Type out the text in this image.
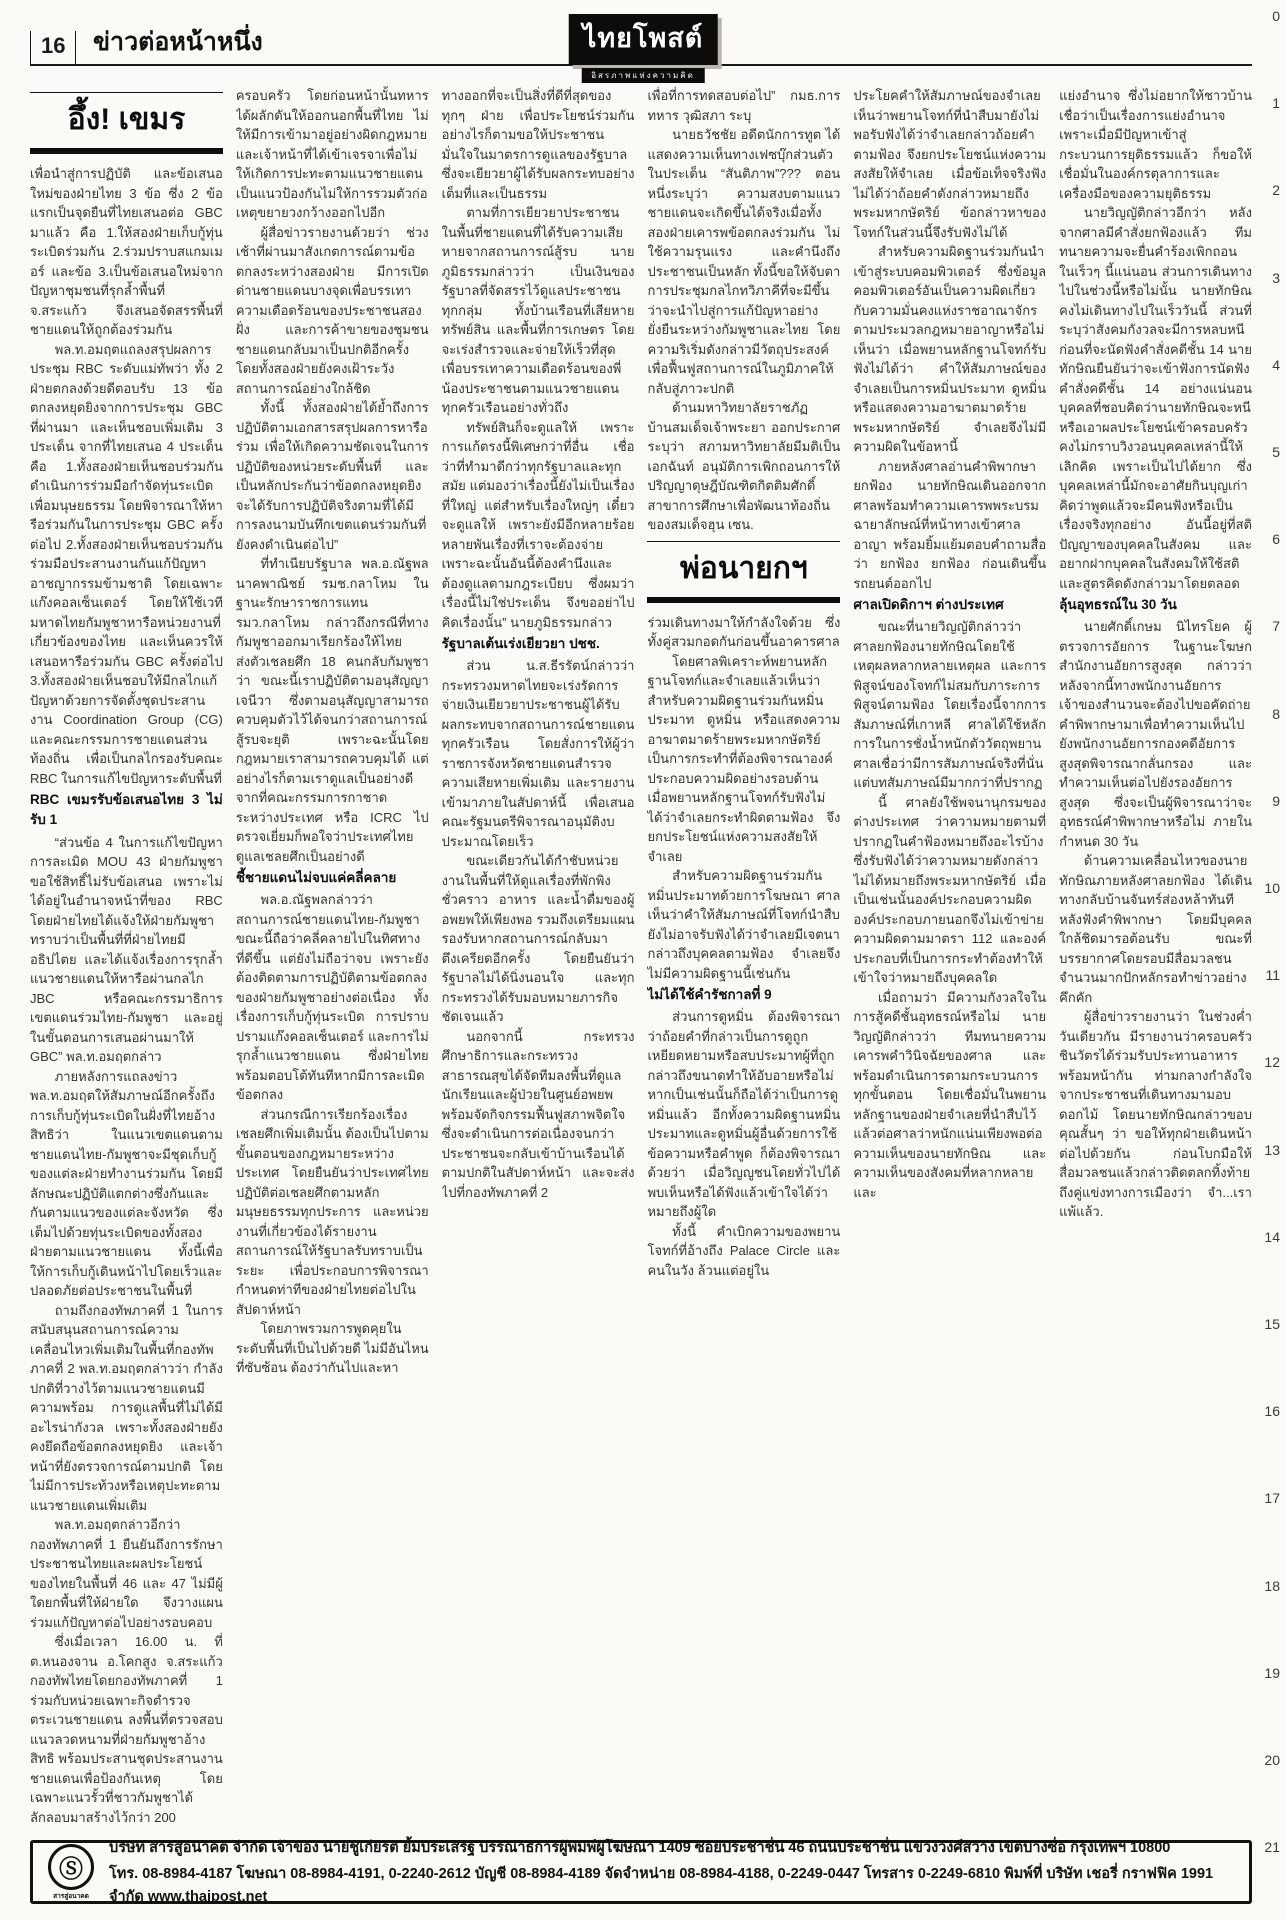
16 ข่าวต่อหน้าหนึ่ง	ไทยโพสต์
อิสรภาพแห่งความคิด
อึ้ง! เขมร

เพื่อนำสู่การปฏิบัติ และข้อเสนอใหม่ของฝ่ายไทย 3 ข้อ ซึ่ง 2 ข้อแรกเป็นจุดยืนที่ไทยเสนอต่อ GBC มาแล้ว คือ 1.ให้สองฝ่ายเก็บกู้ทุ่นระเบิดร่วมกัน 2.ร่วมปราบสแกมเมอร์ และข้อ 3.เป็นข้อเสนอใหม่จากปัญหาชุมชนที่รุกล้ำพื้นที่ จ.สระแก้ว จึงเสนอจัดสรรพื้นที่ชายแดนให้ถูกต้องร่วมกัน

พล.ท.อมฤตแถลงสรุปผลการประชุม RBC ระดับแม่ทัพว่า ทั้ง 2 ฝ่ายตกลงด้วยดีตอบรับ 13 ข้อตกลงหยุดยิงจากการประชุม GBC ที่ผ่านมา และเห็นชอบเพิ่มเติม 3 ประเด็น จากที่ไทยเสนอ 4 ประเด็น คือ 1.ทั้งสองฝ่ายเห็นชอบร่วมกันดำเนินการร่วมมือกำจัดทุ่นระเบิดเพื่อมนุษยธรรม โดยพิจารณาให้หารือร่วมกันในการประชุม GBC ครั้งต่อไป 2.ทั้งสองฝ่ายเห็นชอบร่วมกันร่วมมือประสานงานกันแก้ปัญหาอาชญากรรมข้ามชาติ โดยเฉพาะแก๊งคอลเซ็นเตอร์ โดยให้ใช้เวทีมหาดไทยกัมพูชาหารือหน่วยงานที่เกี่ยวข้องของไทย และเห็นควรให้เสนอหารือร่วมกัน GBC ครั้งต่อไป 3.ทั้งสองฝ่ายเห็นชอบให้มีกลไกแก้ปัญหาด้วยการจัดตั้งชุดประสานงาน Coordination Group (CG) และคณะกรรมการชายแดนส่วนท้องถิ่น เพื่อเป็นกลไกรองรับคณะ RBC ในการแก้ไขปัญหาระดับพื้นที่

RBC เขมรรับข้อเสนอไทย 3 ไม่รับ 1

“ส่วนข้อ 4 ในการแก้ไขปัญหาการละเมิด MOU 43 ฝ่ายกัมพูชาขอใช้สิทธิ์ไม่รับข้อเสนอ เพราะไม่ได้อยู่ในอำนาจหน้าที่ของ RBC โดยฝ่ายไทยได้แจ้งให้ฝ่ายกัมพูชาทราบว่าเป็นพื้นที่ที่ฝ่ายไทยมีอธิปไตย และได้แจ้งเรื่องการรุกล้ำแนวชายแดนให้หารือผ่านกลไก JBC หรือคณะกรรมาธิการเขตแดนร่วมไทย-กัมพูชา และอยู่ในขั้นตอนการเสนอผ่านมาให้ GBC” พล.ท.อมฤตกล่าว

ภายหลังการแถลงข่าว พล.ท.อมฤตให้สัมภาษณ์อีกครั้งถึงการเก็บกู้ทุ่นระเบิดในฝั่งที่ไทยอ้างสิทธิว่า ในแนวเขตแดนตามชายแดนไทย-กัมพูชาจะมีชุดเก็บกู้ของแต่ละฝ่ายทำงานร่วมกัน โดยมีลักษณะปฏิบัติแตกต่างซึ่งกันและกันตามแนวของแต่ละจังหวัด ซึ่งเต็มไปด้วยทุ่นระเบิดของทั้งสองฝ่ายตามแนวชายแดน ทั้งนี้เพื่อให้การเก็บกู้เดินหน้าไปโดยเร็วและปลอดภัยต่อประชาชนในพื้นที่

ถามถึงกองทัพภาคที่ 1 ในการสนับสนุนสถานการณ์ความเคลื่อนไหวเพิ่มเติมในพื้นที่กองทัพภาคที่ 2 พล.ท.อมฤตกล่าวว่า กำลังปกติที่วางไว้ตามแนวชายแดนมีความพร้อม การดูแลพื้นที่ไม่ได้มีอะไรน่ากังวล เพราะทั้งสองฝ่ายยังคงยึดถือข้อตกลงหยุดยิง และเจ้าหน้าที่ยังตรวจการณ์ตามปกติ โดยไม่มีการประท้วงหรือเหตุปะทะตามแนวชายแดนเพิ่มเติม

พล.ท.อมฤตกล่าวอีกว่า กองทัพภาคที่ 1 ยืนยันถึงการรักษาประชาชนไทยและผลประโยชน์ของไทยในพื้นที่ 46 และ 47 ไม่มีผู้ใดยกพื้นที่ให้ฝ่ายใด จึงวางแผนร่วมแก้ปัญหาต่อไปอย่างรอบคอบ

ซึ่งเมื่อเวลา 16.00 น. ที่ ต.หนองจาน อ.โคกสูง จ.สระแก้ว กองทัพไทยโดยกองทัพภาคที่ 1 ร่วมกับหน่วยเฉพาะกิจตำรวจตระเวนชายแดน ลงพื้นที่ตรวจสอบแนวลวดหนามที่ฝ่ายกัมพูชาอ้างสิทธิ พร้อมประสานชุดประสานงานชายแดนเพื่อป้องกันเหตุ โดยเฉพาะแนวรั้วที่ชาวกัมพูชาได้ลักลอบมาสร้างไว้กว่า 200

ครอบครัว โดยก่อนหน้านั้นทหารได้ผลักดันให้ออกนอกพื้นที่ไทย ไม่ให้มีการเข้ามาอยู่อย่างผิดกฎหมาย และเจ้าหน้าที่ได้เข้าเจรจาเพื่อไม่ให้เกิดการปะทะตามแนวชายแดน เป็นแนวป้องกันไม่ให้การรวมตัวก่อเหตุขยายวงกว้างออกไปอีก

ผู้สื่อข่าวรายงานด้วยว่า ช่วงเช้าที่ผ่านมาสังเกตการณ์ตามข้อตกลงระหว่างสองฝ่าย มีการเปิดด่านชายแดนบางจุดเพื่อบรรเทาความเดือดร้อนของประชาชนสองฝั่ง และการค้าขายของชุมชนชายแดนกลับมาเป็นปกติอีกครั้ง โดยทั้งสองฝ่ายยังคงเฝ้าระวังสถานการณ์อย่างใกล้ชิด

ทั้งนี้ ทั้งสองฝ่ายได้ย้ำถึงการปฏิบัติตามเอกสารสรุปผลการหารือร่วม เพื่อให้เกิดความชัดเจนในการปฏิบัติของหน่วยระดับพื้นที่ และเป็นหลักประกันว่าข้อตกลงหยุดยิงจะได้รับการปฏิบัติจริงตามที่ได้มีการลงนามบันทึกเขตแดนร่วมกันที่ยังคงดำเนินต่อไป”

ที่ทำเนียบรัฐบาล พล.อ.ณัฐพล นาคพาณิชย์ รมช.กลาโหม ในฐานะรักษาราชการแทน รมว.กลาโหม กล่าวถึงกรณีที่ทางกัมพูชาออกมาเรียกร้องให้ไทยส่งตัวเชลยศึก 18 คนกลับกัมพูชาว่า ขณะนี้เราปฏิบัติตามอนุสัญญาเจนีวา ซึ่งตามอนุสัญญาสามารถควบคุมตัวไว้ได้จนกว่าสถานการณ์สู้รบจะยุติ เพราะฉะนั้นโดยกฎหมายเราสามารถควบคุมได้ แต่อย่างไรก็ตามเราดูแลเป็นอย่างดี จากที่คณะกรรมการกาชาดระหว่างประเทศ หรือ ICRC ไปตรวจเยี่ยมก็พอใจว่าประเทศไทยดูแลเชลยศึกเป็นอย่างดี

ชี้ชายแดนไม่จบแค่คลี่คลาย

พล.อ.ณัฐพลกล่าวว่า สถานการณ์ชายแดนไทย-กัมพูชาขณะนี้ถือว่าคลี่คลายไปในทิศทางที่ดีขึ้น แต่ยังไม่ถือว่าจบ เพราะยังต้องติดตามการปฏิบัติตามข้อตกลงของฝ่ายกัมพูชาอย่างต่อเนื่อง ทั้งเรื่องการเก็บกู้ทุ่นระเบิด การปราบปรามแก๊งคอลเซ็นเตอร์ และการไม่รุกล้ำแนวชายแดน ซึ่งฝ่ายไทยพร้อมตอบโต้ทันทีหากมีการละเมิดข้อตกลง

ส่วนกรณีการเรียกร้องเรื่องเชลยศึกเพิ่มเติมนั้น ต้องเป็นไปตามขั้นตอนของกฎหมายระหว่างประเทศ โดยยืนยันว่าประเทศไทยปฏิบัติต่อเชลยศึกตามหลักมนุษยธรรมทุกประการ และหน่วยงานที่เกี่ยวข้องได้รายงานสถานการณ์ให้รัฐบาลรับทราบเป็นระยะ เพื่อประกอบการพิจารณากำหนดท่าทีของฝ่ายไทยต่อไปในสัปดาห์หน้า

โดยภาพรวมการพูดคุยในระดับพื้นที่เป็นไปด้วยดี ไม่มีอันไหนที่ซับซ้อน ต้องว่ากันไปและหา

ทางออกที่จะเป็นสิ่งที่ดีที่สุดของทุกๆ ฝ่าย เพื่อประโยชน์ร่วมกัน อย่างไรก็ตามขอให้ประชาชนมั่นใจในมาตรการดูแลของรัฐบาล ซึ่งจะเยียวยาผู้ได้รับผลกระทบอย่างเต็มที่และเป็นธรรม

ตามที่การเยียวยาประชาชนในพื้นที่ชายแดนที่ได้รับความเสียหายจากสถานการณ์สู้รบ นายภูมิธรรมกล่าวว่า เป็นเงินของรัฐบาลที่จัดสรรไว้ดูแลประชาชนทุกกลุ่ม ทั้งบ้านเรือนที่เสียหาย ทรัพย์สิน และพื้นที่การเกษตร โดยจะเร่งสำรวจและจ่ายให้เร็วที่สุด เพื่อบรรเทาความเดือดร้อนของพี่น้องประชาชนตามแนวชายแดนทุกครัวเรือนอย่างทั่วถึง

ทรัพย์สินก็จะดูแลให้ เพราะการแก้ตรงนี้พิเศษกว่าที่อื่น เชื่อว่าที่ทำมาดีกว่าทุกรัฐบาลและทุกสมัย แต่มองว่าเรื่องนี้ยังไม่เป็นเรื่องที่ใหญ่ แต่สำหรับเรื่องใหญ่ๆ เดี๋ยวจะดูแลให้ เพราะยังมีอีกหลายร้อยหลายพันเรื่องที่เราจะต้องจ่าย เพราะฉะนั้นอันนี้ต้องคำนึงและต้องดูแลตามกฎระเบียบ ซึ่งผมว่าเรื่องนี้ไม่ใช่ประเด็น จึงขออย่าไปคิดเรื่องนั้น” นายภูมิธรรมกล่าว

รัฐบาลเต้นเร่งเยียวยา ปชช.

ส่วน น.ส.ธีรรัตน์กล่าวว่า กระทรวงมหาดไทยจะเร่งรัดการจ่ายเงินเยียวยาประชาชนผู้ได้รับผลกระทบจากสถานการณ์ชายแดนทุกครัวเรือน โดยสั่งการให้ผู้ว่าราชการจังหวัดชายแดนสำรวจความเสียหายเพิ่มเติม และรายงานเข้ามาภายในสัปดาห์นี้ เพื่อเสนอคณะรัฐมนตรีพิจารณาอนุมัติงบประมาณโดยเร็ว

ขณะเดียวกันได้กำชับหน่วยงานในพื้นที่ให้ดูแลเรื่องที่พักพิงชั่วคราว อาหาร และน้ำดื่มของผู้อพยพให้เพียงพอ รวมถึงเตรียมแผนรองรับหากสถานการณ์กลับมาตึงเครียดอีกครั้ง โดยยืนยันว่ารัฐบาลไม่ได้นิ่งนอนใจ และทุกกระทรวงได้รับมอบหมายภารกิจชัดเจนแล้ว

นอกจากนี้ กระทรวงศึกษาธิการและกระทรวงสาธารณสุขได้จัดทีมลงพื้นที่ดูแลนักเรียนและผู้ป่วยในศูนย์อพยพ พร้อมจัดกิจกรรมฟื้นฟูสภาพจิตใจ ซึ่งจะดำเนินการต่อเนื่องจนกว่าประชาชนจะกลับเข้าบ้านเรือนได้ตามปกติในสัปดาห์หน้า และจะส่งไปที่กองทัพภาคที่ 2

เพื่อที่การทดสอบต่อไป” กมธ.การทหาร วุฒิสภา ระบุ

นายธวัชชัย อดีตนักการทูต ได้แสดงความเห็นทางเฟซบุ๊กส่วนตัวในประเด็น “สันติภาพ”??? ตอนหนึ่งระบุว่า ความสงบตามแนวชายแดนจะเกิดขึ้นได้จริงเมื่อทั้งสองฝ่ายเคารพข้อตกลงร่วมกัน ไม่ใช้ความรุนแรง และคำนึงถึงประชาชนเป็นหลัก ทั้งนี้ขอให้จับตาการประชุมกลไกทวิภาคีที่จะมีขึ้นว่าจะนำไปสู่การแก้ปัญหาอย่างยั่งยืนระหว่างกัมพูชาและไทย โดยความริเริ่มดังกล่าวมีวัตถุประสงค์เพื่อฟื้นฟูสถานการณ์ในภูมิภาคให้กลับสู่ภาวะปกติ

ด้านมหาวิทยาลัยราชภัฏบ้านสมเด็จเจ้าพระยา ออกประกาศระบุว่า สภามหาวิทยาลัยมีมติเป็นเอกฉันท์ อนุมัติการเพิกถอนการให้ปริญญาดุษฎีบัณฑิตกิตติมศักดิ์ สาขาการศึกษาเพื่อพัฒนาท้องถิ่น ของสมเด็จฮุน เซน.

พ่อนายกฯ

ร่วมเดินทางมาให้กำลังใจด้วย ซึ่งทั้งคู่สวมกอดกันก่อนขึ้นอาคารศาล

โดยศาลพิเคราะห์พยานหลักฐานโจทก์และจำเลยแล้วเห็นว่า สำหรับความผิดฐานร่วมกันหมิ่นประมาท ดูหมิ่น หรือแสดงความอาฆาตมาดร้ายพระมหากษัตริย์ เป็นการกระทำที่ต้องพิจารณาองค์ประกอบความผิดอย่างรอบด้าน เมื่อพยานหลักฐานโจทก์รับฟังไม่ได้ว่าจำเลยกระทำผิดตามฟ้อง จึงยกประโยชน์แห่งความสงสัยให้จำเลย

สำหรับความผิดฐานร่วมกันหมิ่นประมาทด้วยการโฆษณา ศาลเห็นว่าคำให้สัมภาษณ์ที่โจทก์นำสืบยังไม่อาจรับฟังได้ว่าจำเลยมีเจตนากล่าวถึงบุคคลตามฟ้อง จำเลยจึงไม่มีความผิดฐานนี้เช่นกัน

ไม่ได้ใช้คำรัชกาลที่ 9

ส่วนการดูหมิ่น ต้องพิจารณาว่าถ้อยคำที่กล่าวเป็นการดูถูกเหยียดหยามหรือสบประมาทผู้ที่ถูกกล่าวถึงขนาดทำให้อับอายหรือไม่ หากเป็นเช่นนั้นก็ถือได้ว่าเป็นการดูหมิ่นแล้ว อีกทั้งความผิดฐานหมิ่นประมาทและดูหมิ่นผู้อื่นด้วยการใช้ข้อความหรือคำพูด ก็ต้องพิจารณาด้วยว่า เมื่อวิญญูชนโดยทั่วไปได้พบเห็นหรือได้ฟังแล้วเข้าใจได้ว่าหมายถึงผู้ใด

ทั้งนี้ คำเบิกความของพยานโจทก์ที่อ้างถึง Palace Circle และคนในวัง ล้วนแต่อยู่ใน

ประโยคคำให้สัมภาษณ์ของจำเลย เห็นว่าพยานโจทก์ที่นำสืบมายังไม่พอรับฟังได้ว่าจำเลยกล่าวถ้อยคำตามฟ้อง จึงยกประโยชน์แห่งความสงสัยให้จำเลย เมื่อข้อเท็จจริงฟังไม่ได้ว่าถ้อยคำดังกล่าวหมายถึงพระมหากษัตริย์ ข้อกล่าวหาของโจทก์ในส่วนนี้จึงรับฟังไม่ได้

สำหรับความผิดฐานร่วมกันนำเข้าสู่ระบบคอมพิวเตอร์ ซึ่งข้อมูลคอมพิวเตอร์อันเป็นความผิดเกี่ยวกับความมั่นคงแห่งราชอาณาจักรตามประมวลกฎหมายอาญาหรือไม่ เห็นว่า เมื่อพยานหลักฐานโจทก์รับฟังไม่ได้ว่า คำให้สัมภาษณ์ของจำเลยเป็นการหมิ่นประมาท ดูหมิ่น หรือแสดงความอาฆาตมาดร้ายพระมหากษัตริย์ จำเลยจึงไม่มีความผิดในข้อหานี้

ภายหลังศาลอ่านคำพิพากษายกฟ้อง นายทักษิณเดินออกจากศาลพร้อมทำความเคารพพระบรมฉายาลักษณ์ที่หน้าทางเข้าศาลอาญา พร้อมยิ้มแย้มตอบคำถามสื่อว่า ยกฟ้อง ยกฟ้อง ก่อนเดินขึ้นรถยนต์ออกไป

ศาลเปิดดิกาฯ ต่างประเทศ

ขณะที่นายวิญญัติกล่าวว่า ศาลยกฟ้องนายทักษิณโดยใช้เหตุผลหลากหลายเหตุผล และการพิสูจน์ของโจทก์ไม่สมกับภาระการพิสูจน์ตามฟ้อง โดยเรื่องนี้จากการสัมภาษณ์ที่เกาหลี ศาลได้ใช้หลักการในการชั่งน้ำหนักตัววัตถุพยาน ศาลเชื่อว่ามีการสัมภาษณ์จริงที่นั่น แต่บทสัมภาษณ์มีมากกว่าที่ปรากฏ

นี้ ศาลยังใช้พจนานุกรมของต่างประเทศ ว่าความหมายตามที่ปรากฏในคำฟ้องหมายถึงอะไรบ้าง ซึ่งรับฟังได้ว่าความหมายดังกล่าวไม่ได้หมายถึงพระมหากษัตริย์ เมื่อเป็นเช่นนั้นองค์ประกอบความผิด องค์ประกอบภายนอกจึงไม่เข้าข่ายความผิดตามมาตรา 112 และองค์ประกอบที่เป็นการกระทำต้องทำให้เข้าใจว่าหมายถึงบุคคลใด

เมื่อถามว่า มีความกังวลใจในการสู้คดีชั้นอุทธรณ์หรือไม่ นายวิญญัติกล่าวว่า ทีมทนายความเคารพคำวินิจฉัยของศาล และพร้อมดำเนินการตามกระบวนการทุกขั้นตอน โดยเชื่อมั่นในพยานหลักฐานของฝ่ายจำเลยที่นำสืบไว้แล้วต่อศาลว่าหนักแน่นเพียงพอต่อความเห็นของนายทักษิณ และความเห็นของสังคมที่หลากหลายและ

แย่งอำนาจ ซึ่งไม่อยากให้ชาวบ้านเชื่อว่าเป็นเรื่องการแย่งอำนาจ เพราะเมื่อมีปัญหาเข้าสู่กระบวนการยุติธรรมแล้ว ก็ขอให้เชื่อมั่นในองค์กรตุลาการและเครื่องมือของความยุติธรรม

นายวิญญัติกล่าวอีกว่า หลังจากศาลมีคำสั่งยกฟ้องแล้ว ทีมทนายความจะยื่นคำร้องเพิกถอนในเร็วๆ นี้แน่นอน ส่วนการเดินทางไปในช่วงนี้หรือไม่นั้น นายทักษิณคงไม่เดินทางไปในเร็ววันนี้ ส่วนที่ระบุว่าสังคมกังวลจะมีการหลบหนีก่อนที่จะนัดฟังคำสั่งคดีชั้น 14 นายทักษิณยืนยันว่าจะเข้าฟังการนัดฟังคำสั่งคดีชั้น 14 อย่างแน่นอน บุคคลที่ชอบคิดว่านายทักษิณจะหนี หรือเอาผลประโยชน์เข้าครอบครัว คงไม่กราบวิงวอนบุคคลเหล่านี้ให้เลิกคิด เพราะเป็นไปได้ยาก ซึ่งบุคคลเหล่านี้มักจะอาศัยกินบุญเก่า คิดว่าพูดแล้วจะมีคนฟังหรือเป็นเรื่องจริงทุกอย่าง อันนี้อยู่ที่สติปัญญาของบุคคลในสังคม และอยากฝากบุคคลในสังคมให้ใช้สติและสูตรคิดดังกล่าวมาโดยตลอด

ลุ้นอุทธรณ์ใน 30 วัน

นายศักดิ์เกษม นิไทรโยค ผู้ตรวจการอัยการ ในฐานะโฆษกสำนักงานอัยการสูงสุด กล่าวว่า หลังจากนี้ทางพนักงานอัยการเจ้าของสำนวนจะต้องไปขอคัดถ่ายคำพิพากษามาเพื่อทำความเห็นไปยังพนักงานอัยการกองคดีอัยการสูงสุดพิจารณากลั่นกรอง และทำความเห็นต่อไปยังรองอัยการสูงสุด ซึ่งจะเป็นผู้พิจารณาว่าจะอุทธรณ์คำพิพากษาหรือไม่ ภายในกำหนด 30 วัน

ด้านความเคลื่อนไหวของนายทักษิณภายหลังศาลยกฟ้อง ได้เดินทางกลับบ้านจันทร์ส่องหล้าทันทีหลังฟังคำพิพากษา โดยมีบุคคลใกล้ชิดมารอต้อนรับ ขณะที่บรรยากาศโดยรอบมีสื่อมวลชนจำนวนมากปักหลักรอทำข่าวอย่างคึกคัก

ผู้สื่อข่าวรายงานว่า ในช่วงค่ำวันเดียวกัน มีรายงานว่าครอบครัวชินวัตรได้ร่วมรับประทานอาหารพร้อมหน้ากัน ท่ามกลางกำลังใจจากประชาชนที่เดินทางมามอบดอกไม้ โดยนายทักษิณกล่าวขอบคุณสั้นๆ ว่า ขอให้ทุกฝ่ายเดินหน้าต่อไปด้วยกัน ก่อนโบกมือให้สื่อมวลชนแล้วกล่าวติดตลกทิ้งท้ายถึงคู่แข่งทางการเมืองว่า จำ...เราแพ้แล้ว.

0
1
2
3
4
5
6
7
8
9
10
11
12
13
14
15
16
17
18
19
20
21
Ⓢ
สารสู่อนาคต
บริษัท สารสู่อนาคต จำกัด เจ้าของ นายชูเกียรติ ยิ้มประเสริฐ บรรณาธิการผู้พิมพ์ผู้โฆษณา 1409 ซอยประชาชื่น 46 ถนนประชาชื่น แขวงวงศ์สว่าง เขตบางซื่อ กรุงเทพฯ 10800
โทร. 08-8984-4187 โฆษณา 08-8984-4191, 0-2240-2612 บัญชี 08-8984-4189 จัดจำหน่าย 08-8984-4188, 0-2249-0447 โทรสาร 0-2249-6810 พิมพ์ที่ บริษัท เชอรี่ กราฟฟิค 1991 จำกัด www.thaipost.net
